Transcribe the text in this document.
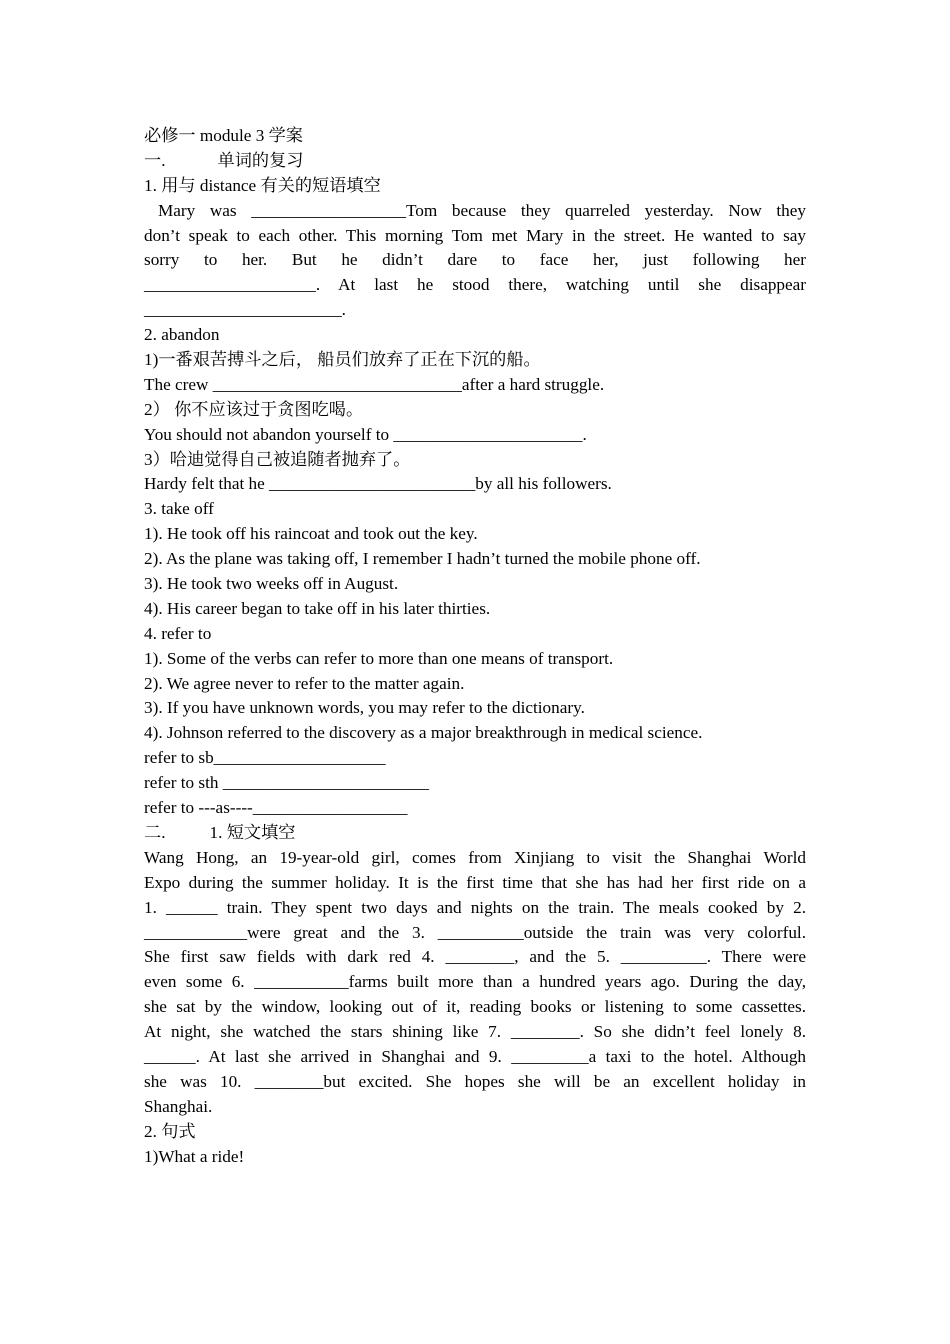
必修一 module 3 学案
一.	单词的复习
1. 用与 distance 有关的短语填空
Mary was __________________Tom because they quarreled yesterday. Now they
don’t speak to each other. This morning Tom met Mary in the street. He wanted to say
sorry to her. But he didn’t dare to face her, just following her
____________________. At last he stood there, watching until she disappear
_______________________.
2. abandon
1)一番艰苦搏斗之后， 船员们放弃了正在下沉的船。
The crew _____________________________after a hard struggle.
2） 你不应该过于贪图吃喝。
You should not abandon yourself to ______________________.
3）哈迪觉得自己被追随者抛弃了。
Hardy felt that he ________________________by all his followers.
3. take off
1). He took off his raincoat and took out the key.
2). As the plane was taking off, I remember I hadn’t turned the mobile phone off.
3). He took two weeks off in August.
4). His career began to take off in his later thirties.
4. refer to
1). Some of the verbs can refer to more than one means of transport.
2). We agree never to refer to the matter again.
3). If you have unknown words, you may refer to the dictionary.
4). Johnson referred to the discovery as a major breakthrough in medical science.
refer to sb____________________
refer to sth ________________________
refer to ---as----__________________
二.	1. 短文填空
Wang Hong, an 19-year-old girl, comes from Xinjiang to visit the Shanghai World
Expo during the summer holiday. It is the first time that she has had her first ride on a
1. ______ train. They spent two days and nights on the train. The meals cooked by 2.
____________were great and the 3. __________outside the train was very colorful.
She first saw fields with dark red 4. ________, and the 5. __________. There were
even some 6. ___________farms built more than a hundred years ago. During the day,
she sat by the window, looking out of it, reading books or listening to some cassettes.
At night, she watched the stars shining like 7. ________. So she didn’t feel lonely 8.
______. At last she arrived in Shanghai and 9. _________a taxi to the hotel. Although
she was 10. ________but excited. She hopes she will be an excellent holiday in
Shanghai.
2. 句式
1)What a ride!
